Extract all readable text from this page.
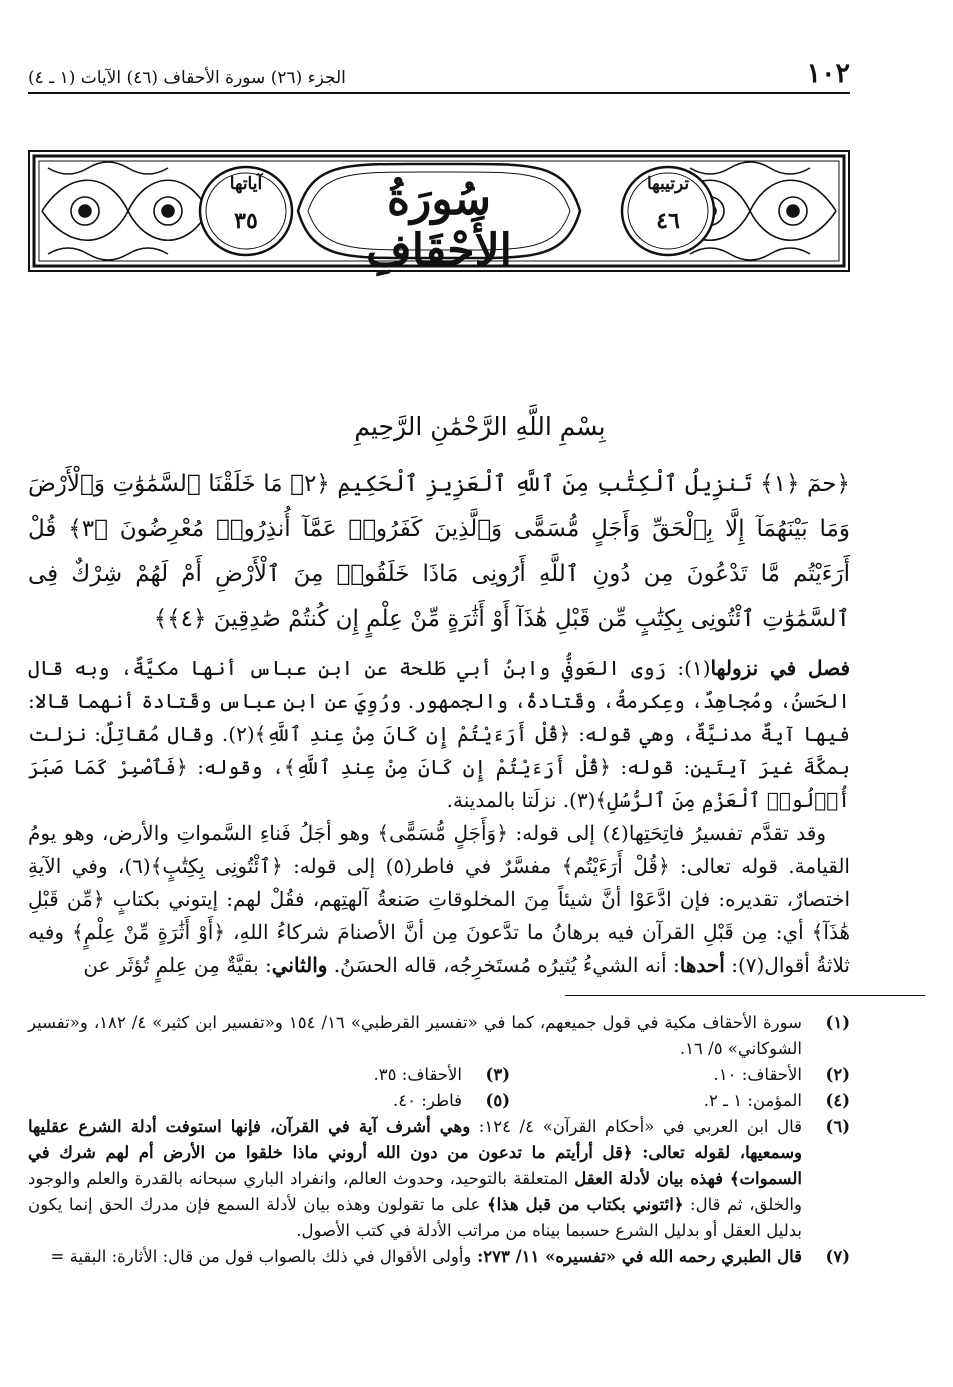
١٠٢
الجزء (٢٦) سورة الأحقاف (٤٦) الآيات (١ ـ ٤)
سُورَةُ الأَحْقَافِ
ترتيبها
٤٦
آياتها
٣٥
بِسْمِ اللَّهِ الرَّحْمَٰنِ الرَّحِيمِ
﴿حمٓ ﴿١﴾ تَنزِيلُ ٱلْكِتَٰبِ مِنَ ٱللَّهِ ٱلْعَزِيزِ ٱلْحَكِيمِ ﴿٢﴾ مَا خَلَقْنَا ٱلسَّمَٰوَٰتِ وَٱلْأَرْضَ وَمَا بَيْنَهُمَآ إِلَّا بِٱلْحَقِّ وَأَجَلٍ مُّسَمًّى وَٱلَّذِينَ كَفَرُوا۟ عَمَّآ أُنذِرُوا۟ مُعْرِضُونَ ﴿٣﴾ قُلْ أَرَءَيْتُم مَّا تَدْعُونَ مِن دُونِ ٱللَّهِ أَرُونِى مَاذَا خَلَقُوا۟ مِنَ ٱلْأَرْضِ أَمْ لَهُمْ شِرْكٌ فِى ٱلسَّمَٰوَٰتِ ٱئْتُونِى بِكِتَٰبٍ مِّن قَبْلِ هَٰذَآ أَوْ أَثَٰرَةٍ مِّنْ عِلْمٍ إِن كُنتُمْ صَٰدِقِينَ ﴿٤﴾﴾

فصل في نزولها(١): رَوى العَوفيُّ وابنُ أبي طَلحة عن ابنِ عباس أنها مكيَّةٌ، وبه قال الحَسنُ، ومُجاهِدٌ، وعِكرمةُ، وقَتادةُ، والجمهور. ورُوِيَ عن ابنِ عباس وقَتادة أنهما قالا: فيها آيةٌ مدنيَّةٌ، وهي قوله: ﴿قُلْ أَرَءَيْتُمْ إِن كَانَ مِنْ عِندِ ٱللَّهِ﴾(٢). وقال مُقاتِلٌ: نزلت بمكَّةَ غيرَ آيتَين: قوله: ﴿قُلْ أَرَءَيْتُمْ إِن كَانَ مِنْ عِندِ ٱللَّهِ﴾، وقوله: ﴿فَٱصْبِرْ كَمَا صَبَرَ أُو۟لُوا۟ ٱلْعَزْمِ مِنَ ٱلرُّسُلِ﴾(٣). نزلَتا بالمدينة.

وقد تقدَّم تفسيرُ فاتِحَتِها(٤) إلى قوله: ﴿وَأَجَلٍ مُّسَمًّى﴾ وهو أجَلُ فَناءِ السَّمواتِ والأرض، وهو يومُ القيامة. قوله تعالى: ﴿قُلْ أَرَءَيْتُم﴾ مفسَّرٌ في فاطر(٥) إلى قوله: ﴿ٱئْتُونِى بِكِتَٰبٍ﴾(٦)، وفي الآيةِ اختصارٌ، تقديره: فإن ادَّعَوْا أنَّ شيئاً مِنَ المخلوقاتِ صَنعةُ آلهتِهم، فقُلْ لهم: إيتوني بكتابٍ ﴿مِّن قَبْلِ هَٰذَآ﴾ أي: مِن قَبْلِ القرآن فيه برهانُ ما تدَّعونَ مِن أنَّ الأصنامَ شركاءُ اللهِ، ﴿أَوْ أَثَٰرَةٍ مِّنْ عِلْمٍ﴾ وفيه ثلاثةُ أقوال(٧): أحدها: أنه الشيءُ يُثيرُه مُستَخرِجُه، قاله الحسَنُ. والثاني: بقيَّةٌ مِن عِلمٍ تُؤثَر عن

(١)
سورة الأحقاف مكية في قول جميعهم، كما في «تفسير القرطبي» ١٦/ ١٥٤ و«تفسير ابن كثير» ٤/ ١٨٢، و«تفسير الشوكاني» ٥/ ١٦.
(٢)
الأحقاف: ١٠.
(٣)
الأحقاف: ٣٥.
(٤)
المؤمن: ١ ـ ٢.
(٥)
فاطر: ٤٠.
(٦)
قال ابن العربي في «أحكام القرآن» ٤/ ١٢٤: وهي أشرف آية في القرآن، فإنها استوفت أدلة الشرع عقليها وسمعيها، لقوله تعالى: ﴿قل أرأيتم ما تدعون من دون الله أروني ماذا خلقوا من الأرض أم لهم شرك في السموات﴾ فهذه بيان لأدلة العقل المتعلقة بالتوحيد، وحدوث العالم، وانفراد الباري سبحانه بالقدرة والعلم والوجود والخلق، ثم قال: ﴿ائتوني بكتاب من قبل هذا﴾ على ما تقولون وهذه بيان لأدلة السمع فإن مدرك الحق إنما يكون بدليل العقل أو بدليل الشرع حسبما بيناه من مراتب الأدلة في كتب الأصول.
(٧)
قال الطبري رحمه الله في «تفسيره» ١١/ ٢٧٣: وأولى الأقوال في ذلك بالصواب قول من قال: الأثارة: البقية =
